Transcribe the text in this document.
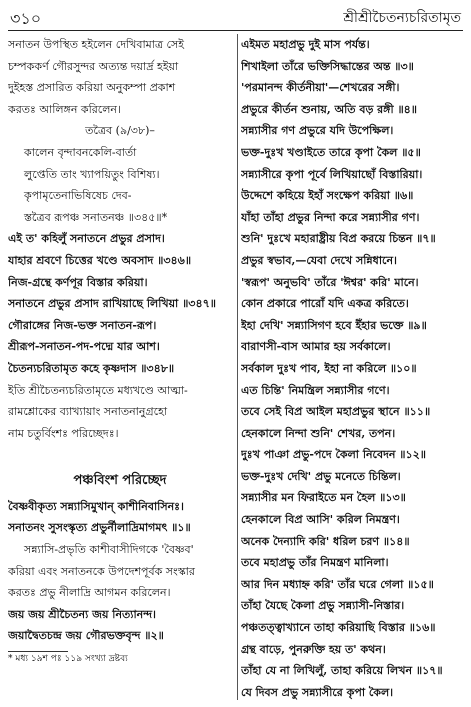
৩১০	শ্রীশ্রীচৈতন্যচরিতামৃত
সনাতন উপস্থিত হইলেন দেখিবামাত্র সেই
চম্পককর্ণ গৌরসুন্দর অত্যন্ত দয়ার্দ্র হইয়া
দুইহস্ত প্রসারিত করিয়া অনুকম্পা প্রকাশ
করতঃ আলিঙ্গন করিলেন।
তত্রৈব (৯/৩৮)–
কালেন বৃন্দাবনকেলি-বার্তা
লুপ্তেতি তাং খ্যাপয়িতুং বিশিষ্য।
কৃপামৃতেনাভিষিষেচ দেব-
স্তত্রৈব রূপঞ্চ সনাতনঞ্চ ॥৩৪৫॥*
এই ত' কহিলুঁ সনাতনে প্রভুর প্রসাদ।
যাহার শ্রবণে চিত্তের খণ্ডে অবসাদ ॥৩৪৬॥
নিজ-গ্রন্থে কর্ণপূর বিস্তার করিয়া।
সনাতনে প্রভুর প্রসাদ রাখিয়াছে লিখিয়া ॥৩৪৭॥
গৌরাঙ্গের নিজ-ভক্ত সনাতন-রূপ।
শ্রীরূপ-সনাতন-পদ-পদ্মে যার আশ।
চৈতন্যচরিতামৃত কহে কৃষ্ণদাস ॥৩৪৮॥
ইতি শ্রীচৈতন্যচরিতামৃতে মধ্যখণ্ডে আত্মা-
রামশ্লোকের ব্যাখ্যায়াং সনাতনানুগ্রহো
নাম চতুর্বিংশঃ পরিচ্ছেদঃ।
পঞ্চবিংশ পরিচ্ছেদ
বৈষ্ণবীকৃত্য সন্ন্যাসিমুখান্ কাশীনিবাসিনঃ।
সনাতনং সুসংস্কৃত্য প্রভুর্নীলাদ্রিমাগমৎ ॥১॥
সন্ন্যাসি-প্রভৃতি কাশীবাসীদিগকে 'বৈষ্ণব'
করিয়া এবং সনাতনকে উপদেশপূর্বক সংস্কার
করতঃ প্রভু নীলাদ্রি আগমন করিলেন।
জয় জয় শ্রীচৈতন্য জয় নিত্যানন্দ।
জয়াদ্বৈতচন্দ্র জয় গৌরভক্তবৃন্দ ॥২॥
* মধ্য ১৯শ পঃ ১১৯ সংখ্যা দ্রষ্টব্য
এইমত মহাপ্রভু দুই মাস পর্যন্ত।
শিখাইলা তাঁরে ভক্তিসিদ্ধান্তের অন্ত ॥৩॥
'পরমানন্দ কীর্তনীয়া'—শেখরের সঙ্গী।
প্রভুরে কীর্তন শুনায়, অতি বড় রঙ্গী ॥৪॥
সন্ন্যাসীর গণ প্রভুরে যদি উপেক্ষিল।
ভক্ত-দুঃখ খণ্ডাইতে তারে কৃপা কৈল ॥৫॥
সন্ন্যাসীরে কৃপা পূর্বে লিখিয়াছোঁ বিস্তারিয়া।
উদ্দেশে কহিয়ে ইহাঁ সংক্ষেপ করিয়া ॥৬॥
যাঁহা তাঁহা প্রভুর নিন্দা করে সন্ন্যাসীর গণ।
শুনি' দুঃখে মহারাষ্ট্রীয় বিপ্র করয়ে চিন্তন ॥৭॥
প্রভুর স্বভাব,—যেবা দেখে সন্নিধানে।
'স্বরূপ' অনুভবি' তাঁরে 'ঈশ্বর' করি' মানে।
কোন প্রকারে পারোঁ যদি একত্র করিতে।
ইহা দেখি' সন্ন্যাসিগণ হবে ইঁহার ভক্তে ॥৯॥
বারাণসী-বাস আমার হয় সর্বকালে।
সর্বকাল দুঃখ পাব, ইহা না করিলে ॥১০॥
এত চিন্তি' নিমন্ত্রিল সন্ন্যাসীর গণে।
তবে সেই বিপ্র আইল মহাপ্রভুর স্থানে ॥১১॥
হেনকালে নিন্দা শুনি' শেখর, তপন।
দুঃখ পাঞা প্রভু-পদে কৈলা নিবেদন ॥১২॥
ভক্ত-দুঃখ দেখি' প্রভু মনেতে চিন্তিল।
সন্ন্যাসীর মন ফিরাইতে মন হৈল ॥১৩॥
হেনকালে বিপ্র আসি' করিল নিমন্ত্রণ।
অনেক দৈন্যাদি করি' ধরিল চরণ ॥১৪॥
তবে মহাপ্রভু তাঁর নিমন্ত্রণ মানিলা।
আর দিন মধ্যাহ্ন করি' তাঁর ঘরে গেলা ॥১৫॥
তাঁহা যৈছে কৈলা প্রভু সন্ন্যাসী-নিস্তার।
পঞ্চতত্ত্বাখ্যানে তাহা করিয়াছি বিস্তার ॥১৬॥
গ্রন্থ বাড়ে, পুনরুক্তি হয় ত' কথন।
তাঁহা যে না লিখিলুঁ, তাহা করিয়ে লিখন ॥১৭॥
যে দিবস প্রভু সন্ন্যাসীরে কৃপা কৈল।
